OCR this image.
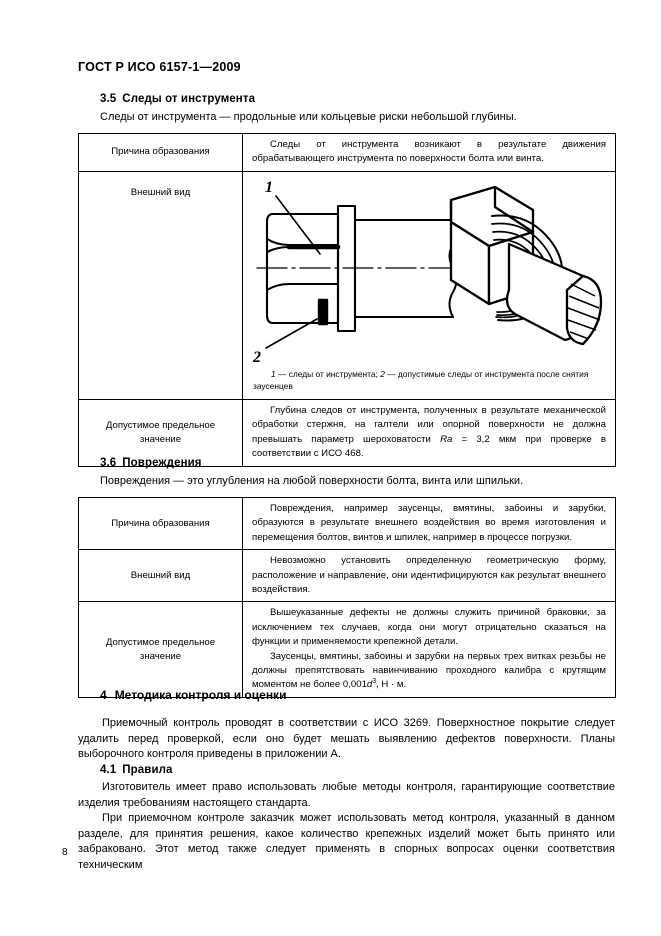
ГОСТ Р ИСО 6157-1—2009
3.5 Следы от инструмента
Следы от инструмента — продольные или кольцевые риски небольшой глубины.
Причина образования	Следы от инструмента возникают в результате движения обрабатывающего инструмента по поверхности болта или винта.

Внешний вид	1
2
1 — следы от инструмента; 2 — допустимые следы от инструмента после снятия заусенцев

Допустимое предельное значение	Глубина следов от инструмента, полученных в результате механической обработки стержня, на галтели или опорной поверхности не должна превышать параметр шероховатости Ra = 3,2 мкм при проверке в соответствии с ИСО 468.

3.6 Повреждения
Повреждения — это углубления на любой поверхности болта, винта или шпильки.
Причина образования	Повреждения, например заусенцы, вмятины, забоины и зарубки, образуются в результате внешнего воздействия во время изготовления и перемещения болтов, винтов и шпилек, например в процессе погрузки.

Внешний вид	Невозможно установить определенную геометрическую форму, расположение и направление, они идентифицируются как результат внешнего воздействия.

Допустимое предельное значение	Вышеуказанные дефекты не должны служить причиной браковки, за исключением тех случаев, когда они могут отрицательно сказаться на функции и применяемости крепежной детали.

Заусенцы, вмятины, забоины и зарубки на первых трех витках резьбы не должны препятствовать навинчиванию проходного калибра с крутящим моментом не более $0,001d^3$, Н · м.

4 Методика контроля и оценки
Приемочный контроль проводят в соответствии с ИСО 3269. Поверхностное покрытие следует удалить перед проверкой, если оно будет мешать выявлению дефектов поверхности. Планы выборочного контроля приведены в приложении А.
4.1 Правила
Изготовитель имеет право использовать любые методы контроля, гарантирующие соответствие изделия требованиям настоящего стандарта.
При приемочном контроле заказчик может использовать метод контроля, указанный в данном разделе, для принятия решения, какое количество крепежных изделий может быть принято или забраковано. Этот метод также следует применять в спорных вопросах оценки соответствия техническим
8
